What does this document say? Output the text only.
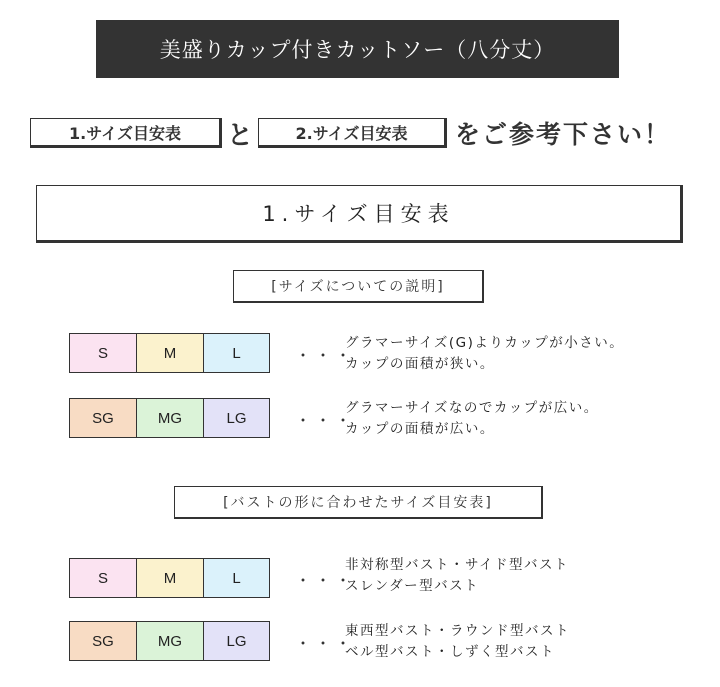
美盛りカップ付きカットソー（八分丈）
1.サイズ目安表	と	2.サイズ目安表	をご参考下さい！
1.サイズ目安表
[サイズについての説明]
S	M	L	・・・
グラマーサイズ(G)よりカップが小さい。
カップの面積が狭い。
SG	MG	LG	・・・
グラマーサイズなのでカップが広い。
カップの面積が広い。
[バストの形に合わせたサイズ目安表]
S	M	L	・・・
非対称型バスト・サイド型バスト
スレンダー型バスト
SG	MG	LG	・・・
東西型バスト・ラウンド型バスト
ベル型バスト・しずく型バスト
